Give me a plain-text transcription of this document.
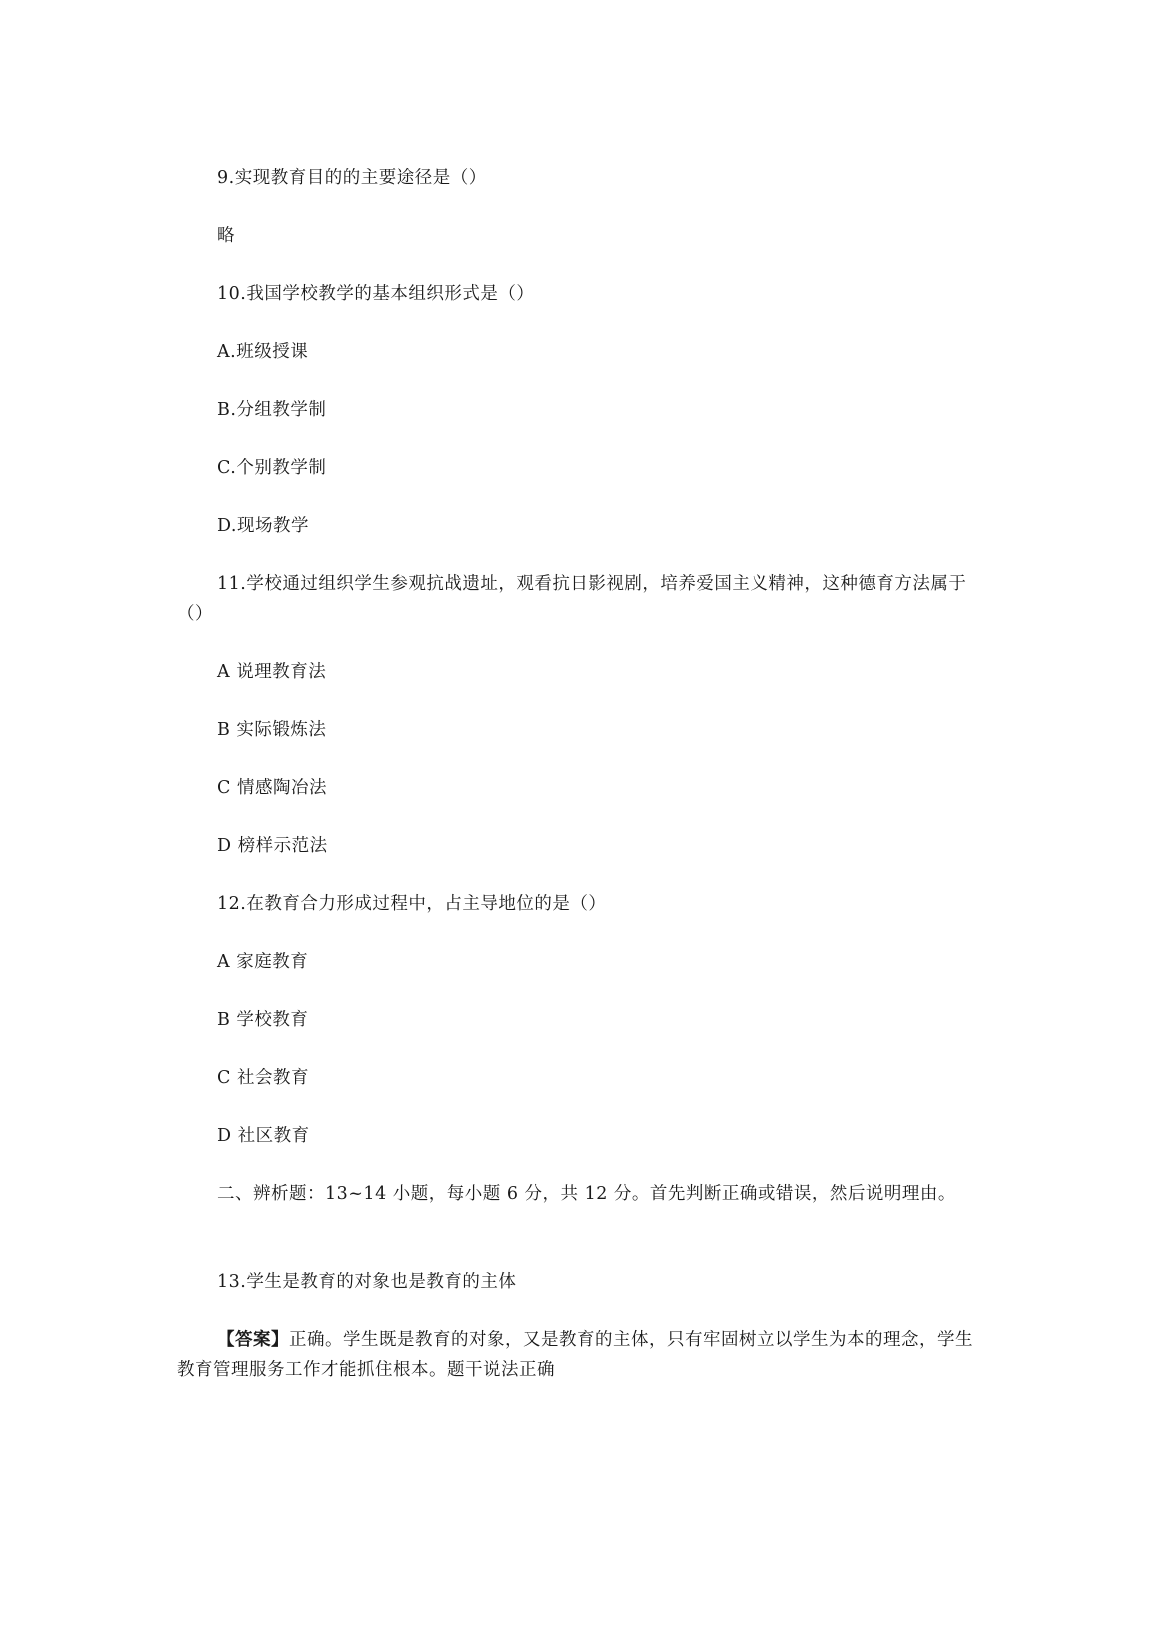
9.实现教育目的的主要途径是（）
略
10.我国学校教学的基本组织形式是（）
A.班级授课
B.分组教学制
C.个别教学制
D.现场教学
11.学校通过组织学生参观抗战遗址，观看抗日影视剧，培养爱国主义精神，这种德育方法属于（）
A 说理教育法
B 实际锻炼法
C 情感陶冶法
D 榜样示范法
12.在教育合力形成过程中，占主导地位的是（）
A 家庭教育
B 学校教育
C 社会教育
D 社区教育
二、辨析题：13~14 小题，每小题 6 分，共 12 分。首先判断正确或错误，然后说明理由。
13.学生是教育的对象也是教育的主体
【答案】正确。学生既是教育的对象，又是教育的主体，只有牢固树立以学生为本的理念，学生教育管理服务工作才能抓住根本。题干说法正确
